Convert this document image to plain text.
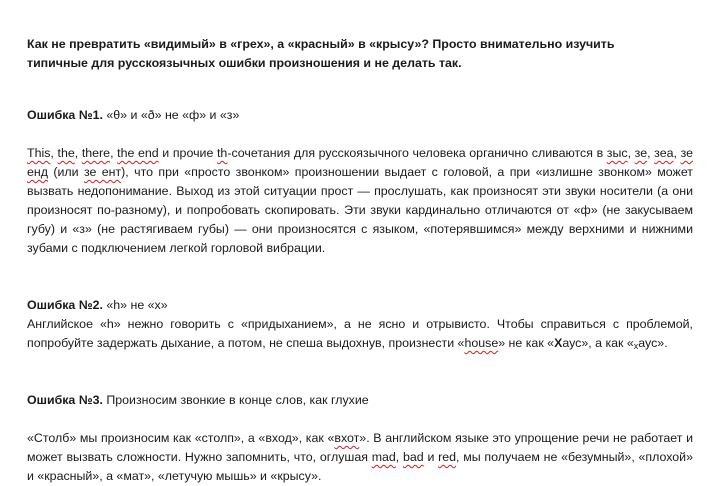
Как не превратить «видимый» в «грех», а «красный» в «крысу»? Просто внимательно изучить
типичные для русскоязычных ошибки произношения и не делать так.
Ошибка №1. «θ» и «ð» не «ф» и «з»
This, the, there, the end и прочие th-сочетания для русскоязычного человека органично сливаются в зыс, зе, зеа, зе енд (или зе ент), что при «просто звонком» произношении выдает с головой, а при «излишне звонком» может вызвать недопонимание. Выход из этой ситуации прост — прослушать, как произносят эти звуки носители (а они произносят по-разному), и попробовать скопировать. Эти звуки кардинально отличаются от «ф» (не закусываем губу) и «з» (не растягиваем губы) — они произносятся с языком, «потерявшимся» между верхними и нижними зубами с подключением легкой горловой вибрации.
Ошибка №2. «h» не «х»
Английское «h» нежно говорить с «придыханием», а не ясно и отрывисто. Чтобы справиться с проблемой, попробуйте задержать дыхание, а потом, не спеша выдохнув, произнести «house» не как «Хаус», а как «хаус».
Ошибка №3. Произносим звонкие в конце слов, как глухие
«Столб» мы произносим как «столп», а «вход», как «вхот». В английском языке это упрощение речи не работает и может вызвать сложности. Нужно запомнить, что, оглушая mad, bad и red, мы получаем не «безумный», «плохой» и «красный», а «мат», «летучую мышь» и «крысу».
